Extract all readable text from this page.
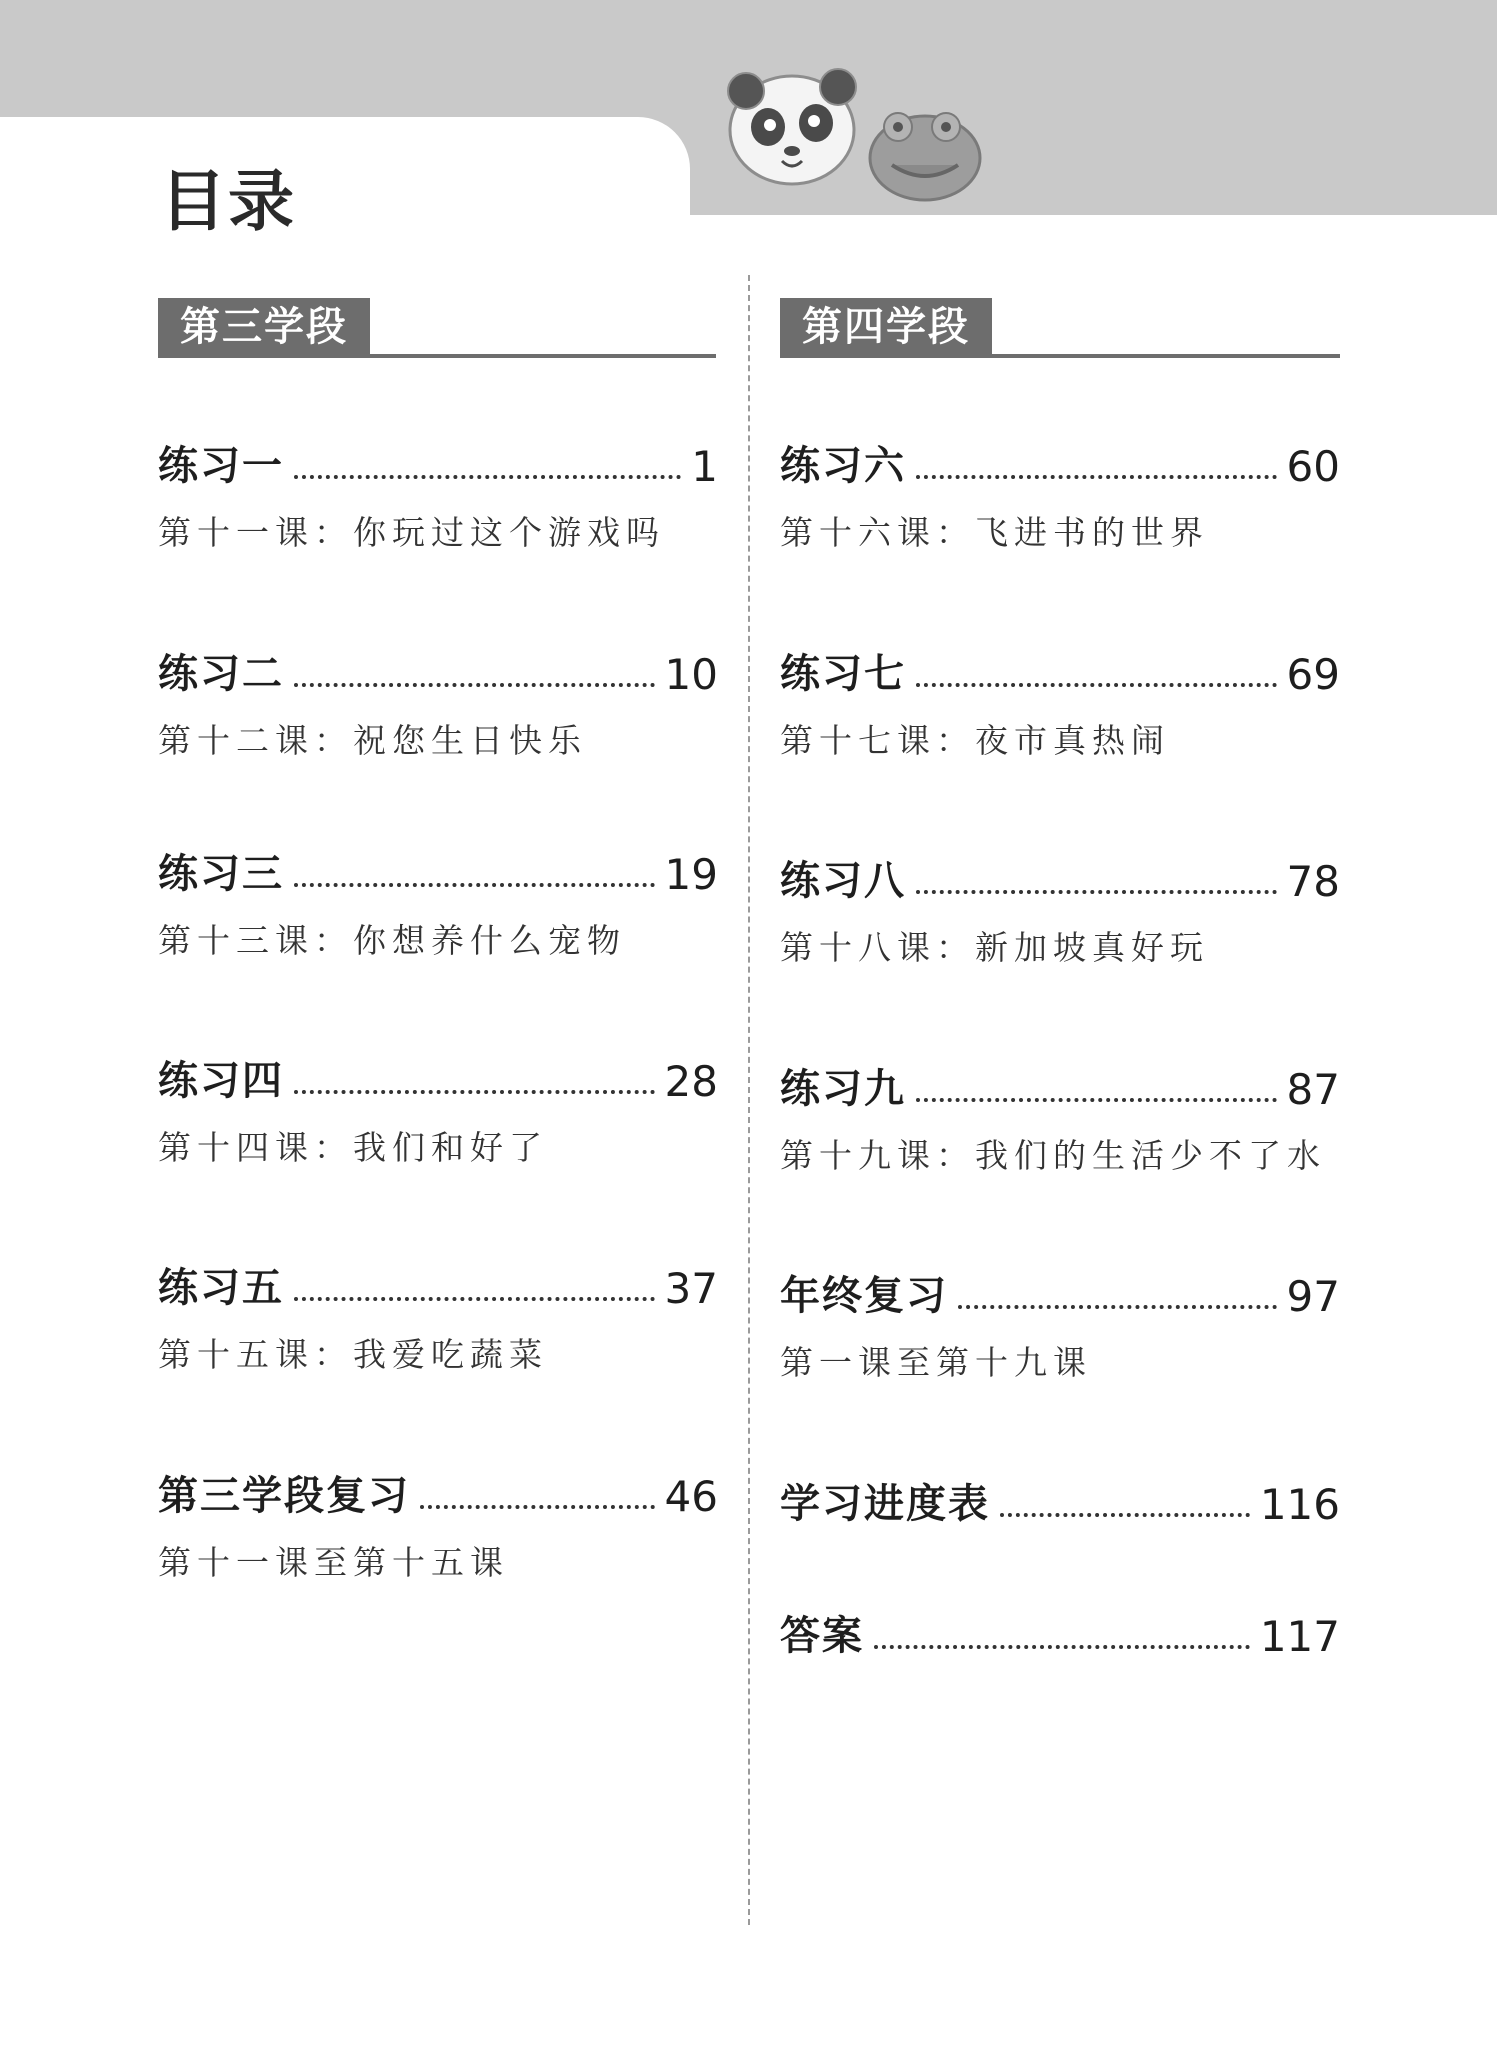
目录
第三学段
练习一	1
第十一课：你玩过这个游戏吗
练习二	10
第十二课：祝您生日快乐
练习三	19
第十三课：你想养什么宠物
练习四	28
第十四课：我们和好了
练习五	37
第十五课：我爱吃蔬菜
第三学段复习	46
第十一课至第十五课
第四学段
练习六	60
第十六课：飞进书的世界
练习七	69
第十七课：夜市真热闹
练习八	78
第十八课：新加坡真好玩
练习九	87
第十九课：我们的生活少不了水
年终复习	97
第一课至第十九课
学习进度表	116
答案	117
